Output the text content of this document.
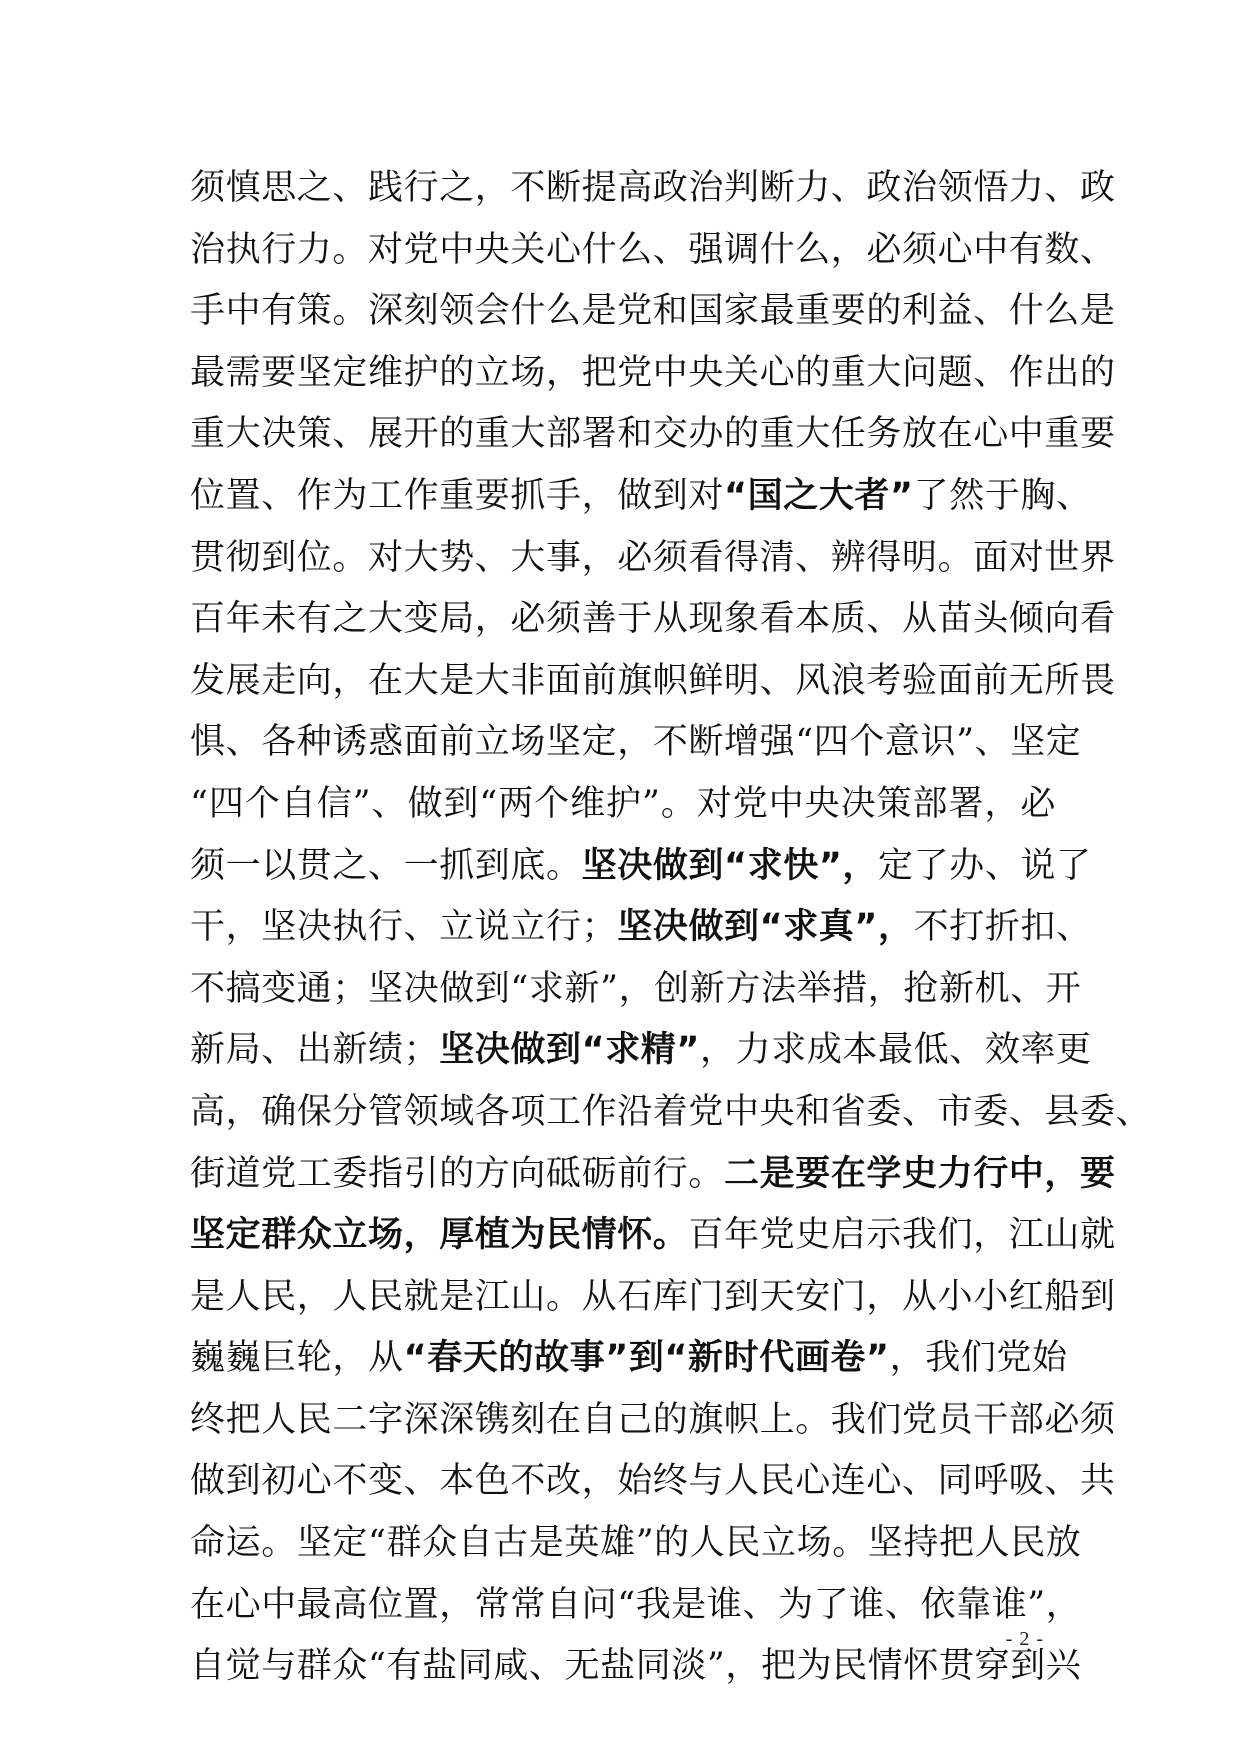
须慎思之、践行之，不断提高政治判断力、政治领悟力、政
治执行力。对党中央关心什么、强调什么，必须心中有数、
手中有策。深刻领会什么是党和国家最重要的利益、什么是
最需要坚定维护的立场，把党中央关心的重大问题、作出的
重大决策、展开的重大部署和交办的重大任务放在心中重要
位置、作为工作重要抓手，做到对“国之大者”了然于胸、
贯彻到位。对大势、大事，必须看得清、辨得明。面对世界
百年未有之大变局，必须善于从现象看本质、从苗头倾向看
发展走向，在大是大非面前旗帜鲜明、风浪考验面前无所畏
惧、各种诱惑面前立场坚定，不断增强“四个意识”、坚定
“四个自信”、做到“两个维护”。对党中央决策部署，必
须一以贯之、一抓到底。坚决做到“求快”，定了办、说了
干，坚决执行、立说立行；坚决做到“求真”，不打折扣、
不搞变通；坚决做到“求新”，创新方法举措，抢新机、开
新局、出新绩；坚决做到“求精”，力求成本最低、效率更
高，确保分管领域各项工作沿着党中央和省委、市委、县委、
街道党工委指引的方向砥砺前行。二是要在学史力行中，要
坚定群众立场，厚植为民情怀。百年党史启示我们，江山就
是人民，人民就是江山。从石库门到天安门，从小小红船到
巍巍巨轮，从“春天的故事”到“新时代画卷”，我们党始
终把人民二字深深镌刻在自己的旗帜上。我们党员干部必须
做到初心不变、本色不改，始终与人民心连心、同呼吸、共
命运。坚定“群众自古是英雄”的人民立场。坚持把人民放
在心中最高位置，常常自问“我是谁、为了谁、依靠谁”，
自觉与群众“有盐同咸、无盐同淡”，把为民情怀贯穿到兴
- 2 -
